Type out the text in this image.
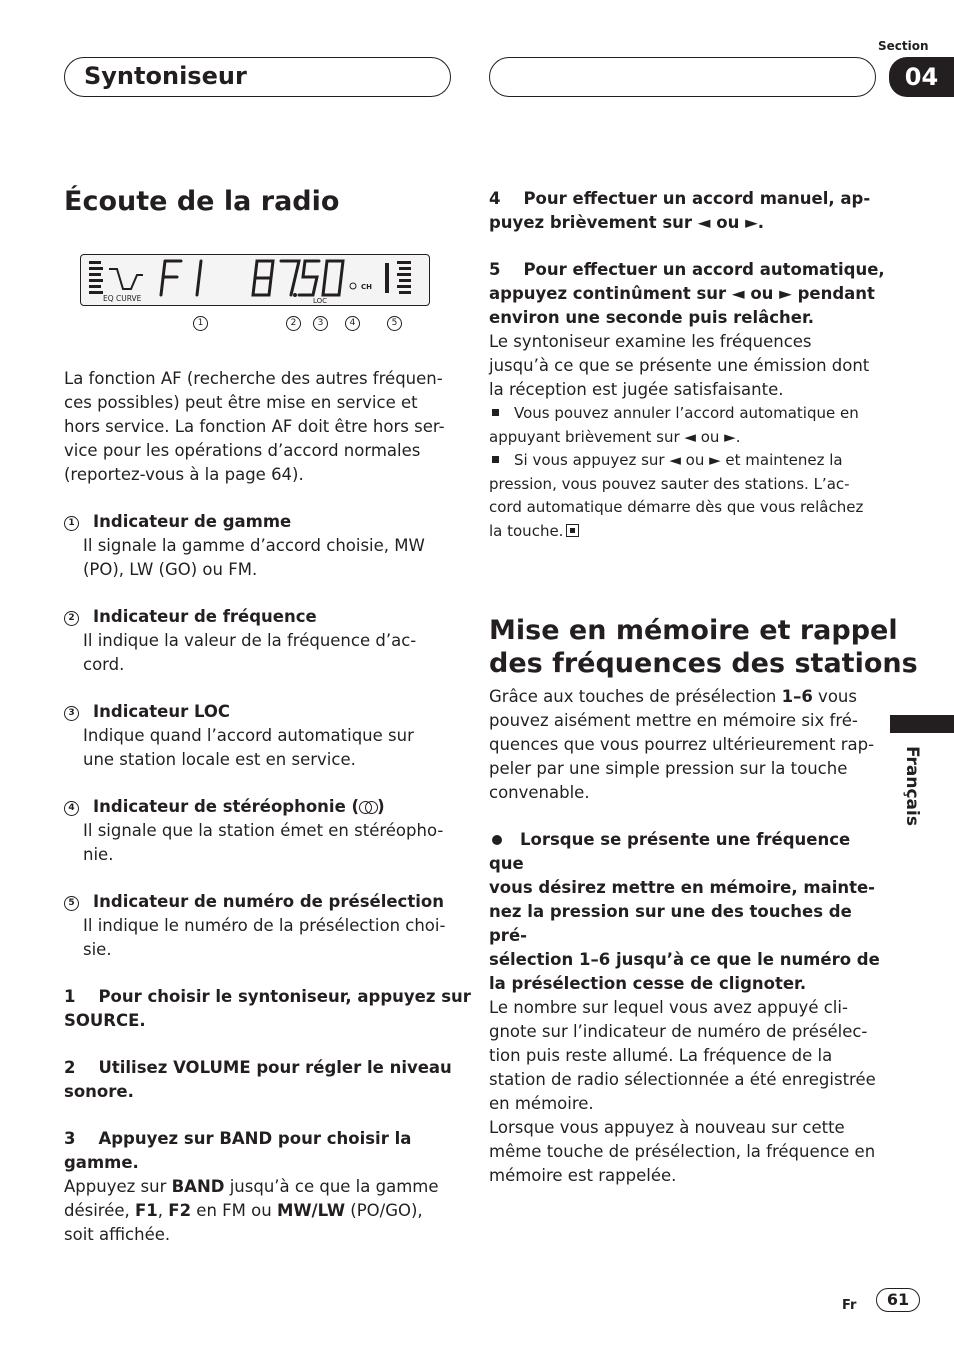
Syntoniseur
Section
04
Français
Écoute de la radio
EQ CURVE	LOC
CH
1	2	3	4	5

La fonction AF (recherche des autres fréquen-

ces possibles) peut être mise en service et

hors service. La fonction AF doit être hors ser-

vice pour les opérations d’accord normales

(reportez-vous à la page 64).

1 Indicateur de gamme

Il signale la gamme d’accord choisie, MW

(PO), LW (GO) ou FM.

2 Indicateur de fréquence

Il indique la valeur de la fréquence d’ac-

cord.

3 Indicateur LOC

Indique quand l’accord automatique sur

une station locale est en service.

4 Indicateur de stéréophonie ( )

Il signale que la station émet en stéréopho-

nie.

5 Indicateur de numéro de présélection

Il indique le numéro de la présélection choi-

sie.

1    Pour choisir le syntoniseur, appuyez sur

SOURCE.

2    Utilisez VOLUME pour régler le niveau

sonore.

3    Appuyez sur BAND pour choisir la

gamme.

Appuyez sur BAND jusqu’à ce que la gamme

désirée, F1, F2 en FM ou MW/LW (PO/GO),

soit affichée.

4    Pour effectuer un accord manuel, ap-

puyez brièvement sur ◄ ou ►.

5    Pour effectuer un accord automatique,

appuyez continûment sur ◄ ou ► pendant

environ une seconde puis relâcher.

Le syntoniseur examine les fréquences

jusqu’à ce que se présente une émission dont

la réception est jugée satisfaisante.

Vous pouvez annuler l’accord automatique en

appuyant brièvement sur ◄ ou ►.

Si vous appuyez sur ◄ ou ► et maintenez la

pression, vous pouvez sauter des stations. L’ac-

cord automatique démarre dès que vous relâchez

la touche.

Mise en mémoire et rappel
des fréquences des stations

Grâce aux touches de présélection 1–6 vous

pouvez aisément mettre en mémoire six fré-

quences que vous pourrez ultérieurement rap-

peler par une simple pression sur la touche

convenable.

Lorsque se présente une fréquence que

vous désirez mettre en mémoire, mainte-

nez la pression sur une des touches de pré-

sélection 1–6 jusqu’à ce que le numéro de

la présélection cesse de clignoter.

Le nombre sur lequel vous avez appuyé cli-

gnote sur l’indicateur de numéro de présélec-

tion puis reste allumé. La fréquence de la

station de radio sélectionnée a été enregistrée

en mémoire.

Lorsque vous appuyez à nouveau sur cette

même touche de présélection, la fréquence en

mémoire est rappelée.

Fr	61
